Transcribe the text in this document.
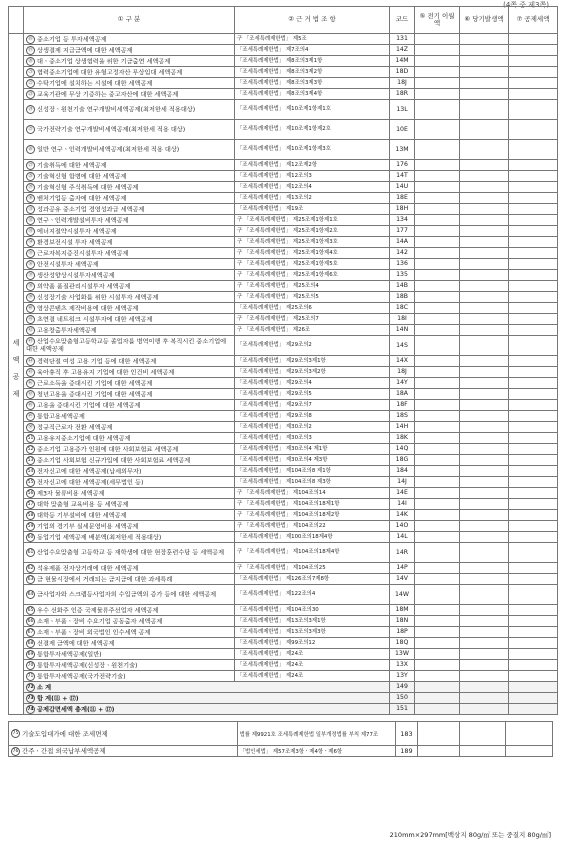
(4쪽 중 제3쪽)
	① 구 분	② 근 거 법 조 항	코드	⑤ 전기 이월액	⑥ 당기발생액	⑦ 공제세액
세액공제	⑱ 중소기업 등 투자세액공제	구 「조세특례제한법」 제5조	131			
	⑲ 상생결제 지급금액에 대한 세액공제	「조세특례제한법」 제7조의4	14Z			
	⑳ 대ㆍ중소기업 상생협력을 위한 기금출연 세액공제	「조세특례제한법」 제8조의3제1항	14M			
	㉑ 협력중소기업에 대한 유형고정자산 무상임대 세액공제	「조세특례제한법」 제8조의3제2항	18D			
	㉒ 수탁기업에 설치하는 시설에 대한 세액공제	「조세특례제한법」 제8조의3제3항	18J			
	㉓ 교육기관에 무상 기증하는 중고자산에 대한 세액공제	「조세특례제한법」 제8조의3제4항	18R			
	㉔ 신성장ㆍ원천기술 연구개발비세액공제(최저한세 적용대상)	「조세특례제한법」 제10조제1항제1호	13L			
	㉕ 국가전략기술 연구개발비세액공제(최저한세 적용 대상)	「조세특례제한법」 제10조제1항제2호	10E			
	㉖ 일반 연구ㆍ인력개발비세액공제(최저한세 적용 대상)	「조세특례제한법」 제10조제1항제3호	13M			
	㉗ 기술취득에 대한 세액공제	「조세특례제한법」 제12조제2항	176			
	㉘ 기술혁신형 합병에 대한 세액공제	「조세특례제한법」 제12조의3	14T			
	㉙ 기술혁신형 주식취득에 대한 세액공제	「조세특례제한법」 제12조의4	14U			
	㉚ 벤처기업등 출자에 대한 세액공제	「조세특례제한법」 제13조의2	18E			
	㉛ 성과공유 중소기업 경영성과급 세액공제	「조세특례제한법」 제19조	18H			
	㉜ 연구ㆍ인력개발설비투자 세액공제	구 「조세특례제한법」 제25조제1항제1호	134			
	㉝ 에너지절약시설투자 세액공제	구 「조세특례제한법」 제25조제1항제2호	177			
	㉞ 환경보전시설 투자 세액공제	구 「조세특례제한법」 제25조제1항제3호	14A			
	㉟ 근로자복지증진시설투자 세액공제	구 「조세특례제한법」 제25조제1항제4호	142			
	㊱ 안전시설투자 세액공제	구 「조세특례제한법」 제25조제1항제5호	136			
	㊲ 생산성향상시설투자세액공제	구 「조세특례제한법」 제25조제1항제6호	135			
	㊳ 의약품 품질관리시설투자 세액공제	구 「조세특례제한법」 제25조의4	14B			
	㊴ 신성장기술 사업화를 위한 시설투자 세액공제	구 「조세특례제한법」 제25조의5	18B			
	㊵ 영상콘텐츠 제작비용에 대한 세액공제	「조세특례제한법」 제25조의6	18C			
	㊶ 초연결 네트워크 시설투자에 대한 세액공제	구 「조세특례제한법」 제25조의7	18I			
	㊷ 고용창출투자세액공제	구 「조세특례제한법」 제26조	14N			
	㊸ 산업수요맞춤형고등학교등 졸업자를 병역이행 후 복직시킨 중소기업에 대한 세액공제	「조세특례제한법」 제29조의2	14S			
	㊹ 경력단절 여성 고용 기업 등에 대한 세액공제	「조세특례제한법」 제29조의3제1항	14X			
	㊺ 육아휴직 후 고용유지 기업에 대한 인건비 세액공제	「조세특례제한법」 제29조의3제2항	18J			
	㊻ 근로소득을 증대시킨 기업에 대한 세액공제	「조세특례제한법」 제29조의4	14Y			
	㊼ 청년고용을 증대시킨 기업에 대한 세액공제	「조세특례제한법」 제29조의5	18A			
	㊽ 고용을 증대시킨 기업에 대한 세액공제	「조세특례제한법」 제29조의7	18F			
	㊾ 통합고용세액공제	「조세특례제한법」 제29조의8	18S			
	㊿ 정규직근로자 전환 세액공제	「조세특례제한법」 제30조의2	14H			
	51 고용유지중소기업에 대한 세액공제	「조세특례제한법」 제30조의3	18K			
	52 중소기업 고용증가 인원에 대한 사회보험료 세액공제	「조세특례제한법」 제30조의4 제1항	14Q			
	53 중소기업 사회보험 신규가입에 대한 사회보험료 세액공제	「조세특례제한법」 제30조의4 제3항	18G			
	54 전자신고에 대한 세액공제(납세의무자)	「조세특례제한법」 제104조의8 제1항	184			
	55 전자신고에 대한 세액공제(세무법인 등)	「조세특례제한법」 제104조의8 제3항	14J			
	56 제3자 물류비용 세액공제	구 「조세특례제한법」 제104조의14	14E			
	57 대학 맞춤형 교육비용 등 세액공제	구 「조세특례제한법」 제104조의18제1항	14I			
	58 대학등 기부설비에 대한 세액공제	구 「조세특례제한법」 제104조의18제2항	14K			
	59 기업의 경기부 실세문영비용 세액공제	구 「조세특례제한법」 제104조의22	14O			
	60 동업기업 세액공제 배분액(최저한세 적용대상)	「조세특례제한법」 제100조의18제4항	14L			
	61 산업수요맞춤형 고등학교 등 재학생에 대한 현장훈련수당 등 세액공제	구 「조세특례제한법」 제104조의18제4항	14R			
	62 석유제품 전자상거래에 대한 세액공제	구 「조세특례제한법」 제104조의25	14P			
	63 금 현물시장에서 거래되는 금지금에 대한 과세특례	「조세특례제한법」 제126조의7제8항	14V			
	64 금사업자와 스크랩등사업자의 수입금액의 증가 등에 대한 세액공제	「조세특례제한법」 제122조의4	14W			
	65 우수 선화주 인증 국제물류주선업자 세액공제	「조세특례제한법」 제104조의30	18M			
	66 소재ㆍ부품ㆍ장비 수요기업 공동출자 세액공제	「조세특례제한법」 제13조의3제1항	18N			
	67 소재ㆍ부품ㆍ장비 외국법인 인수세액 공제	「조세특례제한법」 제13조의3제3항	18P			
	68 선결제 금액에 대한 세액공제	「조세특례제한법」 제99조의12	18Q			
	69 통합투자세액공제(일반)	「조세특례제한법」 제24조	13W			
	70 통합투자세액공제(신성장ㆍ원천기술)	「조세특례제한법」 제24조	13X			
	71 통합투자세액공제(국가전략기술)	「조세특례제한법」 제24조	13Y			
	72 소 계		149			
	73 합 계(⑪ + ⑰)		150			
	74 공제감면세액 총계(⑪ + ⑰)		151			
75 기술도입대가에 대한 조세면제	법률 제9921호 조세특례제한법 일부개정법률 부칙 제77조	183			
76 간주ㆍ간접 외국납부세액공제	「법인세법」 제57조제3항ㆍ제4항ㆍ제6항	189			
210mm×297mm[백상지 80g/㎡ 또는 중질지 80g/㎡]
